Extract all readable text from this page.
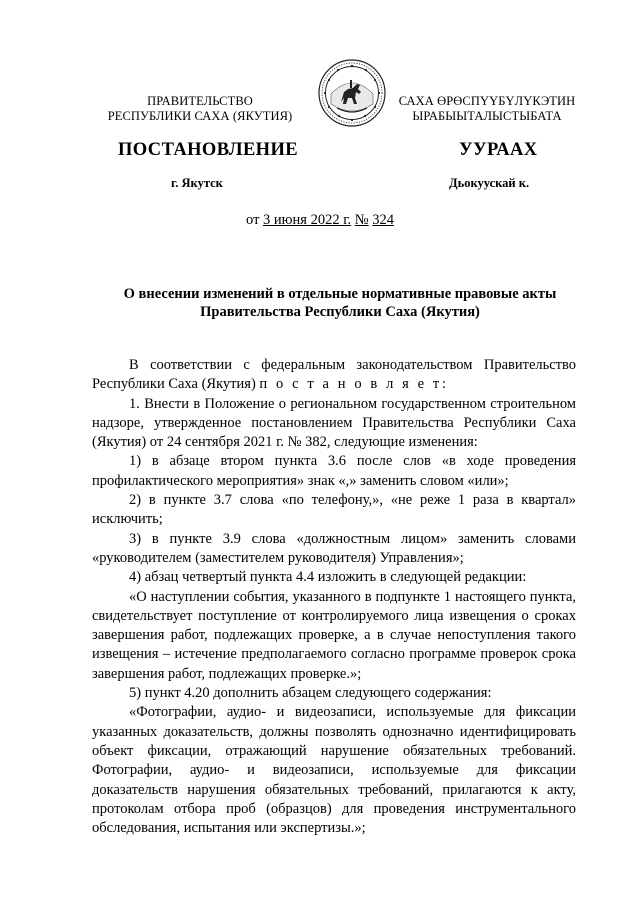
ПРАВИТЕЛЬСТВО
РЕСПУБЛИКИ САХА (ЯКУТИЯ)
САХА ӨРӨСПҮҮБҮЛҮКЭТИН
ЫРАБЫЫТАЛЫСТЫБАТА
ПОСТАНОВЛЕНИЕ	УУРААХ
г. Якутск	Дьокуускай к.
от 3 июня 2022 г. № 324
О внесении изменений в отдельные нормативные правовые акты
Правительства Республики Саха (Якутия)

В соответствии с федеральным законодательством Правительство Республики Саха (Якутия) п о с т а н о в л я е т:

1. Внести в Положение о региональном государственном строительном надзоре, утвержденное постановлением Правительства Республики Саха (Якутия) от 24 сентября 2021 г. № 382, следующие изменения:

1) в абзаце втором пункта 3.6 после слов «в ходе проведения профилактического мероприятия» знак «,» заменить словом «или»;

2) в пункте 3.7 слова «по телефону,», «не реже 1 раза в квартал» исключить;

3) в пункте 3.9 слова «должностным лицом» заменить словами «руководителем (заместителем руководителя) Управления»;

4) абзац четвертый пункта 4.4 изложить в следующей редакции:

«О наступлении события, указанного в подпункте 1 настоящего пункта, свидетельствует поступление от контролируемого лица извещения о сроках завершения работ, подлежащих проверке, а в случае непоступления такого извещения – истечение предполагаемого согласно программе проверок срока завершения работ, подлежащих проверке.»;

5) пункт 4.20 дополнить абзацем следующего содержания:

«Фотографии, аудио- и видеозаписи, используемые для фиксации указанных доказательств, должны позволять однозначно идентифицировать объект фиксации, отражающий нарушение обязательных требований. Фотографии, аудио- и видеозаписи, используемые для фиксации доказательств нарушения обязательных требований, прилагаются к акту, протоколам отбора проб (образцов) для проведения инструментального обследования, испытания или экспертизы.»;
